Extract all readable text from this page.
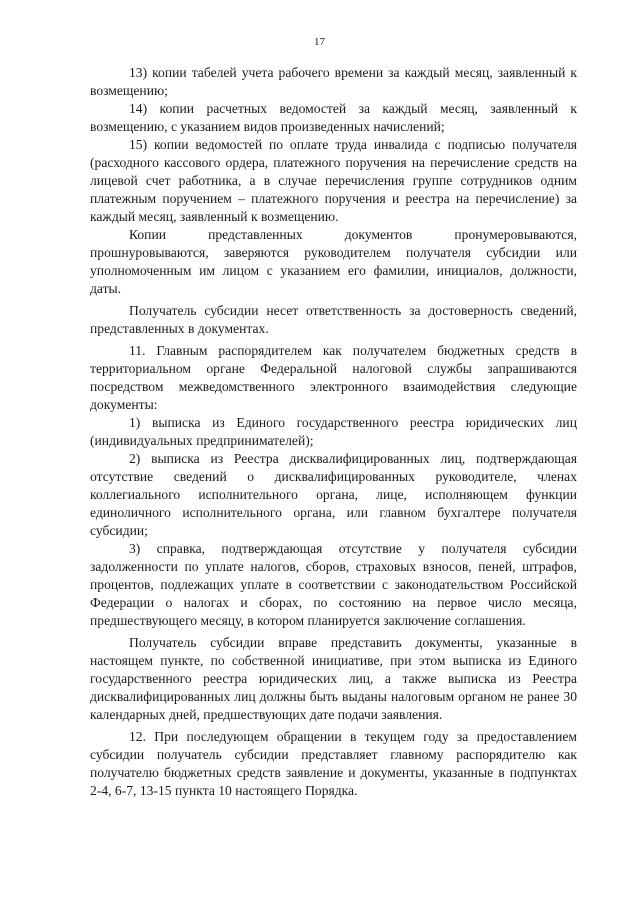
17

13) копии табелей учета рабочего времени за каждый месяц, заявленный к возмещению;

14) копии расчетных ведомостей за каждый месяц, заявленный к возмещению, с указанием видов произведенных начислений;

15) копии ведомостей по оплате труда инвалида с подписью получателя (расходного кассового ордера, платежного поручения на перечисление средств на лицевой счет работника, а в случае перечисления группе сотрудников одним платежным поручением – платежного поручения и реестра на перечисление) за каждый месяц, заявленный к возмещению.

Копии представленных документов пронумеровываются, прошнуровываются, заверяются руководителем получателя субсидии или уполномоченным им лицом с указанием его фамилии, инициалов, должности, даты.

Получатель субсидии несет ответственность за достоверность сведений, представленных в документах.

11. Главным распорядителем как получателем бюджетных средств в территориальном органе Федеральной налоговой службы запрашиваются посредством межведомственного электронного взаимодействия следующие документы:

1) выписка из Единого государственного реестра юридических лиц (индивидуальных предпринимателей);

2) выписка из Реестра дисквалифицированных лиц, подтверждающая отсутствие сведений о дисквалифицированных руководителе, членах коллегиального исполнительного органа, лице, исполняющем функции единоличного исполнительного органа, или главном бухгалтере получателя субсидии;

3) справка, подтверждающая отсутствие у получателя субсидии задолженности по уплате налогов, сборов, страховых взносов, пеней, штрафов, процентов, подлежащих уплате в соответствии с законодательством Российской Федерации о налогах и сборах, по состоянию на первое число месяца, предшествующего месяцу, в котором планируется заключение соглашения.

Получатель субсидии вправе представить документы, указанные в настоящем пункте, по собственной инициативе, при этом выписка из Единого государственного реестра юридических лиц, а также выписка из Реестра дисквалифицированных лиц должны быть выданы налоговым органом не ранее 30 календарных дней, предшествующих дате подачи заявления.

12. При последующем обращении в текущем году за предоставлением субсидии получатель субсидии представляет главному распорядителю как получателю бюджетных средств заявление и документы, указанные в подпунктах 2-4, 6-7, 13-15 пункта 10 настоящего Порядка.
